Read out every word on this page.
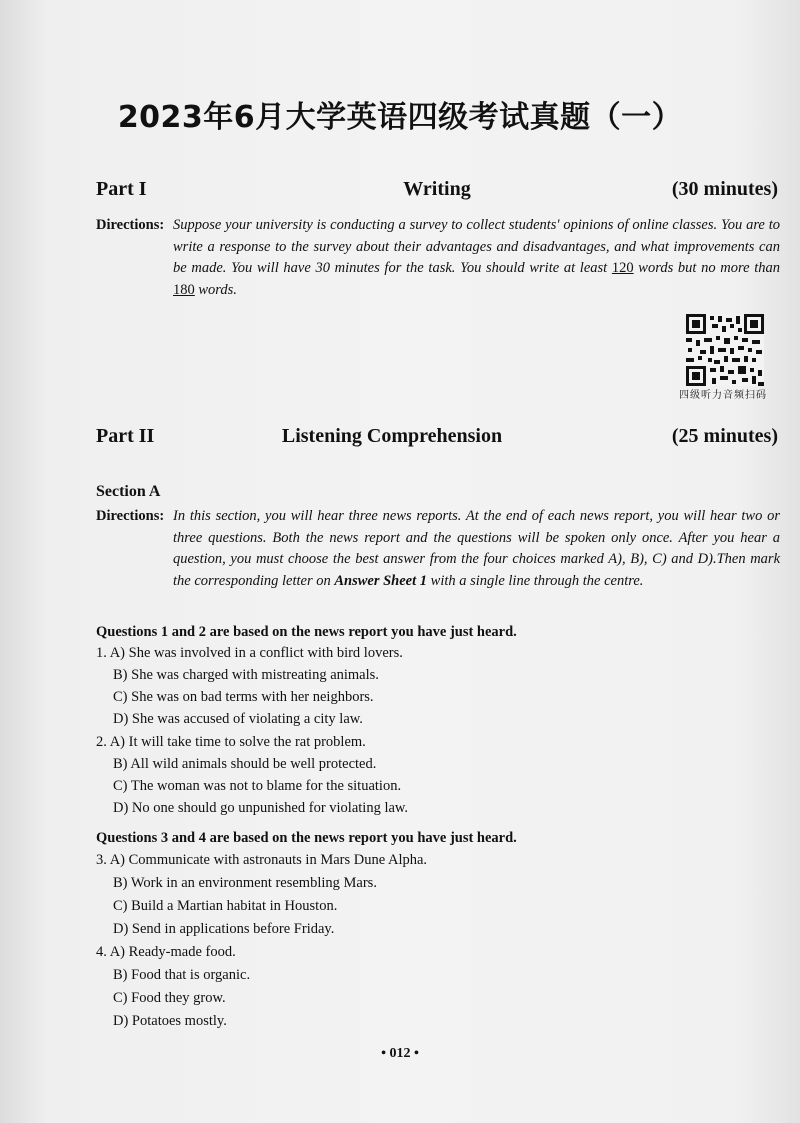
2023年6月大学英语四级考试真题（一）
Part I	Writing	(30 minutes)
Directions: Suppose your university is conducting a survey to collect students' opinions of online classes. You are to write a response to the survey about their advantages and disadvantages, and what improvements can be made. You will have 30 minutes for the task. You should write at least 120 words but no more than 180 words.
四级听力音频扫码
Part II	Listening Comprehension	(25 minutes)
Section A
Directions: In this section, you will hear three news reports. At the end of each news report, you will hear two or three questions. Both the news report and the questions will be spoken only once. After you hear a question, you must choose the best answer from the four choices marked A), B), C) and D).Then mark the corresponding letter on Answer Sheet 1 with a single line through the centre.
Questions 1 and 2 are based on the news report you have just heard.
1. A) She was involved in a conflict with bird lovers.
B) She was charged with mistreating animals.
C) She was on bad terms with her neighbors.
D) She was accused of violating a city law.
2. A) It will take time to solve the rat problem.
B) All wild animals should be well protected.
C) The woman was not to blame for the situation.
D) No one should go unpunished for violating law.
Questions 3 and 4 are based on the news report you have just heard.
3. A) Communicate with astronauts in Mars Dune Alpha.
B) Work in an environment resembling Mars.
C) Build a Martian habitat in Houston.
D) Send in applications before Friday.
4. A) Ready-made food.
B) Food that is organic.
C) Food they grow.
D) Potatoes mostly.
• 012 •
